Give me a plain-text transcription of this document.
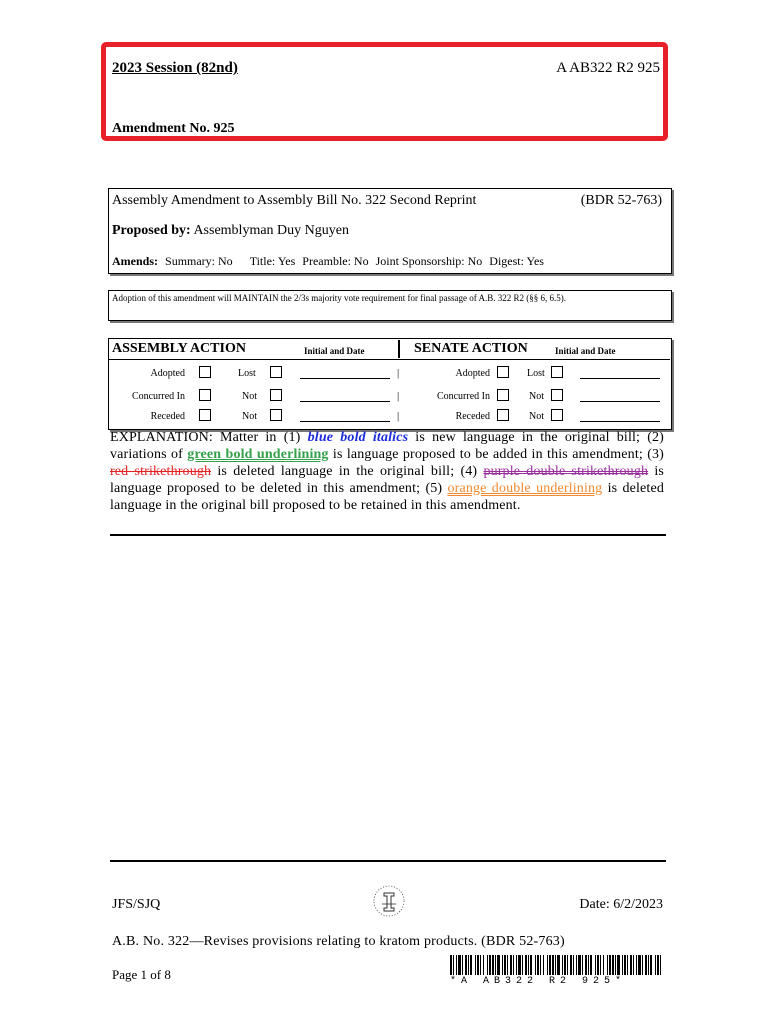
2023 Session (82nd)	A AB322 R2 925
Amendment No. 925
Assembly Amendment to Assembly Bill No. 322 Second Reprint	(BDR 52-763)
Proposed by: Assemblyman Duy Nguyen
Amends: Summary: No Title: Yes Preamble: No Joint Sponsorship: No Digest: Yes
Adoption of this amendment will MAINTAIN the 2/3s majority vote requirement for final passage of A.B. 322 R2 (§§ 6, 6.5).
ASSEMBLY ACTION	Initial and Date	SENATE ACTION	Initial and Date
Adopted	Lost	|	Adopted	Lost
Concurred In	Not	|	Concurred In	Not
Receded	Not	|	Receded	Not
EXPLANATION: Matter in (1) blue bold italics is new language in the original bill; (2) variations of green bold underlining is language proposed to be added in this amendment; (3) red strikethrough is deleted language in the original bill; (4) purple double strikethrough is language proposed to be deleted in this amendment; (5) orange double underlining is deleted language in the original bill proposed to be retained in this amendment.
JFS/SJQ	Date: 6/2/2023
A.B. No. 322—Revises provisions relating to kratom products. (BDR 52-763)
Page 1 of 8	*A AB322 R2 925*
